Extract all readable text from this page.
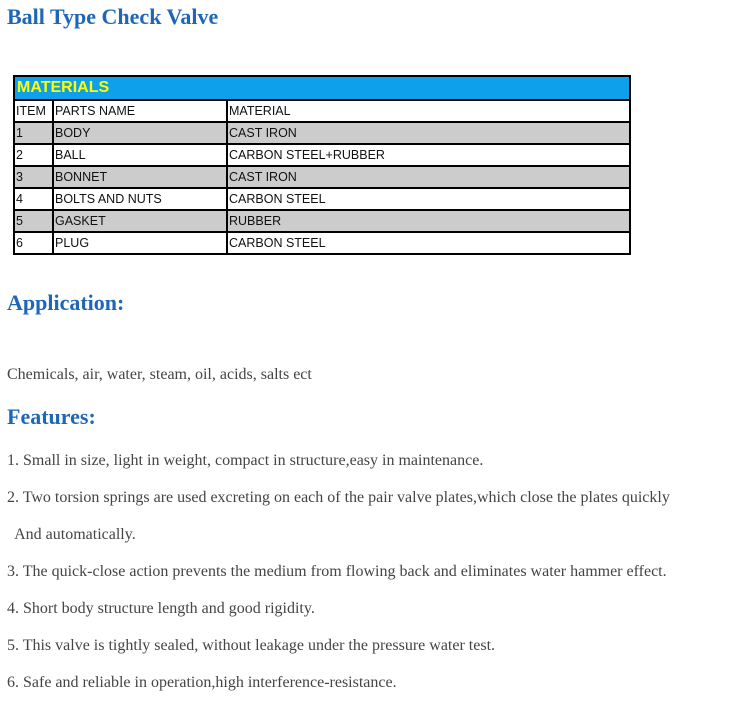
Ball Type Check Valve
MATERIALS		
ITEM	PARTS NAME	MATERIAL
1	BODY	CAST IRON
2	BALL	CARBON STEEL+RUBBER
3	BONNET	CAST IRON
4	BOLTS AND NUTS	CARBON STEEL
5	GASKET	RUBBER
6	PLUG	CARBON STEEL
Application:

Chemicals, air, water, steam, oil, acids, salts ect

Features:

1. Small in size, light in weight, compact in structure,easy in maintenance.

2. Two torsion springs are used excreting on each of the pair valve plates,which close the plates quickly

And automatically.

3. The quick-close action prevents the medium from flowing back and eliminates water hammer effect.

4. Short body structure length and good rigidity.

5. This valve is tightly sealed, without leakage under the pressure water test.

6. Safe and reliable in operation,high interference-resistance.
